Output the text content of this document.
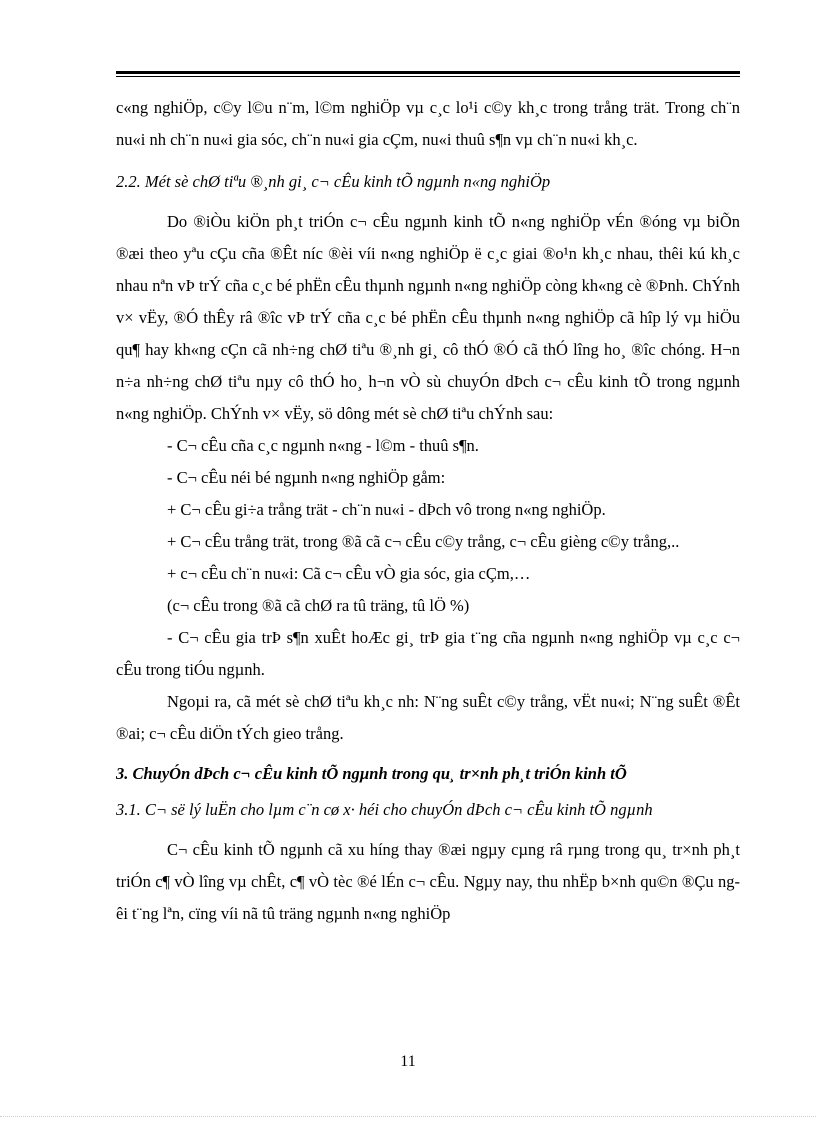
c«ng nghiÖp, c©y l©u n¨m, l©m nghiÖp vµ c¸c lo¹i c©y kh¸c trong trång trät. Trong ch¨n nu«i nh ch¨n nu«i gia sóc, ch¨n nu«i gia cÇm, nu«i thuû s¶n vµ ch¨n nu«i kh¸c.

2.2. Mét sè chØ tiªu ®¸nh gi¸ c¬ cÊu kinh tÕ ngµnh n«ng nghiÖp

Do ®iÒu kiÖn ph¸t triÓn c¬ cÊu ngµnh kinh tÕ n«ng nghiÖp vÉn ®óng vµ biÕn ®æi theo yªu cÇu cña ®Êt níc ®èi víi n«ng nghiÖp ë c¸c giai ®o¹n kh¸c nhau, thêi kú kh¸c nhau nªn vÞ trÝ cña c¸c bé phËn cÊu thµnh ngµnh n«ng nghiÖp còng kh«ng cè ®Þnh. ChÝnh v× vËy, ®Ó thÊy râ ®îc vÞ trÝ cña c¸c bé phËn cÊu thµnh n«ng nghiÖp cã hîp lý vµ hiÖu qu¶ hay kh«ng cÇn cã nh÷ng chØ tiªu ®¸nh gi¸ cô thÓ ®Ó cã thÓ lîng ho¸ ®îc chóng. H¬n n÷a nh÷ng chØ tiªu nµy cô thÓ ho¸ h¬n vÒ sù chuyÓn dÞch c¬ cÊu kinh tÕ trong ngµnh n«ng nghiÖp. ChÝnh v× vËy, sö dông mét sè chØ tiªu chÝnh sau:

- C¬ cÊu cña c¸c ngµnh n«ng - l©m - thuû s¶n.

- C¬ cÊu néi bé ngµnh n«ng nghiÖp gåm:

+ C¬ cÊu gi÷a trång trät - ch¨n nu«i - dÞch vô trong n«ng nghiÖp.

+ C¬ cÊu trång trät, trong ®ã cã c¬ cÊu c©y trång, c¬ cÊu gièng c©y trång,..

+ c¬ cÊu ch¨n nu«i: Cã c¬ cÊu vÒ gia sóc, gia cÇm,…

(c¬ cÊu trong ®ã cã chØ ra tû träng, tû lÖ %)

- C¬ cÊu gia trÞ s¶n xuÊt hoÆc gi¸ trÞ gia t¨ng cña ngµnh n«ng nghiÖp vµ c¸c c¬ cÊu trong tiÓu ngµnh.

Ngoµi ra, cã mét sè chØ tiªu kh¸c nh: N¨ng suÊt c©y trång, vËt nu«i; N¨ng suÊt ®Êt ®ai; c¬ cÊu diÖn tÝch gieo trång.

3. ChuyÓn dÞch c¬ cÊu kinh tÕ ngµnh trong qu¸ tr×nh ph¸t triÓn kinh tÕ

3.1. C¬ së lý luËn cho lµm c¨n cø x· héi cho chuyÓn dÞch c¬ cÊu kinh tÕ ngµnh

C¬ cÊu kinh tÕ ngµnh cã xu híng thay ®æi ngµy cµng râ rµng trong qu¸ tr×nh ph¸t triÓn c¶ vÒ lîng vµ chÊt, c¶ vÒ tèc ®é lÉn c¬ cÊu. Ngµy nay, thu nhËp b×nh qu©n ®Çu ngêi t¨ng lªn, cïng víi nã tû träng ngµnh n«ng nghiÖp

11
